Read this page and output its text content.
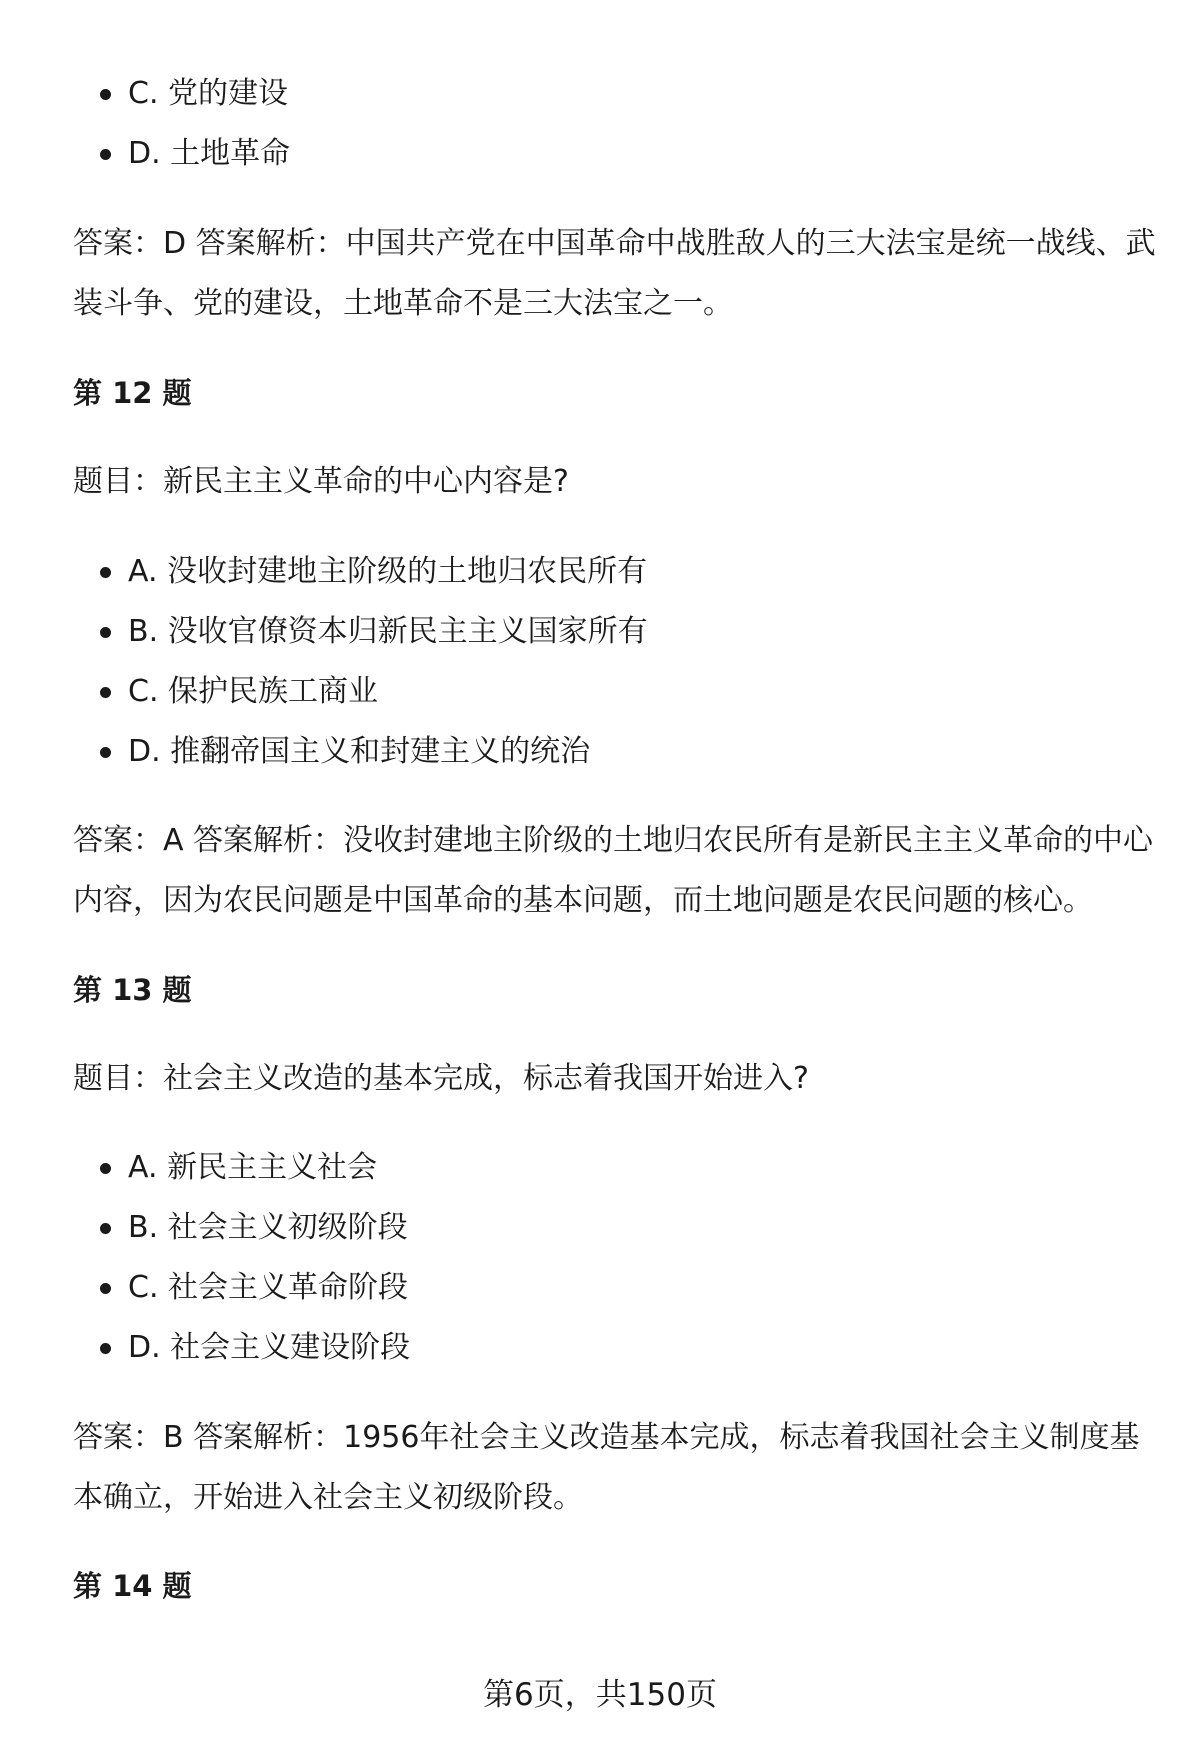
C. 党的建设
D. 土地革命

答案：D 答案解析：中国共产党在中国革命中战胜敌人的三大法宝是统一战线、武装斗争、党的建设，土地革命不是三大法宝之一。

第 12 题

题目：新民主主义革命的中心内容是?

A. 没收封建地主阶级的土地归农民所有
B. 没收官僚资本归新民主主义国家所有
C. 保护民族工商业
D. 推翻帝国主义和封建主义的统治

答案：A 答案解析：没收封建地主阶级的土地归农民所有是新民主主义革命的中心内容，因为农民问题是中国革命的基本问题，而土地问题是农民问题的核心。

第 13 题

题目：社会主义改造的基本完成，标志着我国开始进入?

A. 新民主主义社会
B. 社会主义初级阶段
C. 社会主义革命阶段
D. 社会主义建设阶段

答案：B 答案解析：1956年社会主义改造基本完成，标志着我国社会主义制度基本确立，开始进入社会主义初级阶段。

第 14 题

第6页，共150页
